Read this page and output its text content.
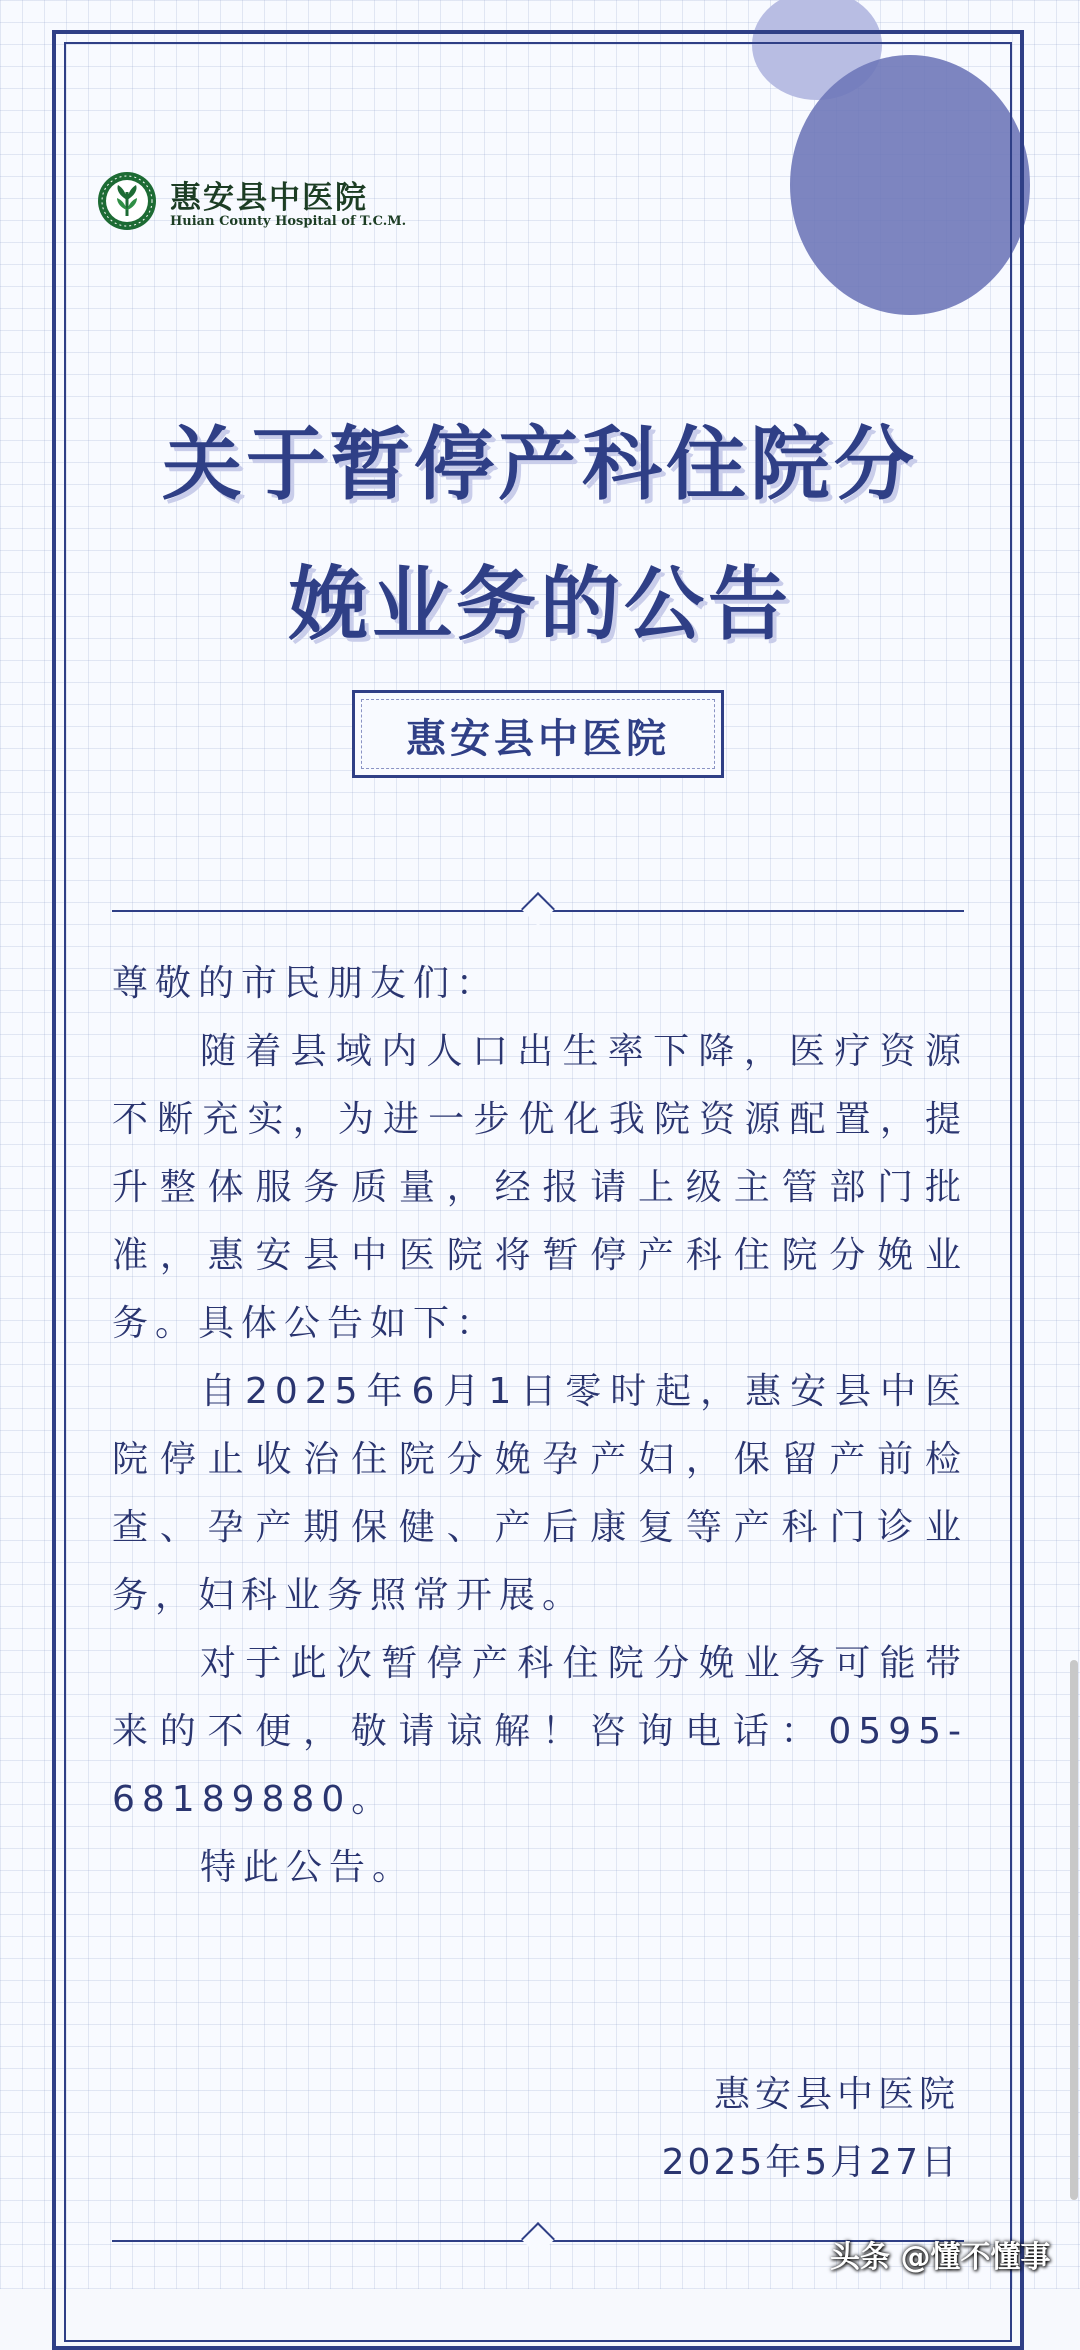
惠安县中医院
Huian County Hospital of T.C.M.
关于暂停产科住院分
娩业务的公告
惠安县中医院
尊敬的市民朋友们：
随着县域内人口出生率下降，医疗资源不断充实，为进一步优化我院资源配置，提升整体服务质量，经报请上级主管部门批准，惠安县中医院将暂停产科住院分娩业务。具体公告如下：
自2025年6月1日零时起，惠安县中医院停止收治住院分娩孕产妇，保留产前检查、孕产期保健、产后康复等产科门诊业务，妇科业务照常开展。
对于此次暂停产科住院分娩业务可能带来的不便，敬请谅解！咨询电话：0595-68189880。
特此公告。
惠安县中医院
2025年5月27日
头条 @懂不懂事
